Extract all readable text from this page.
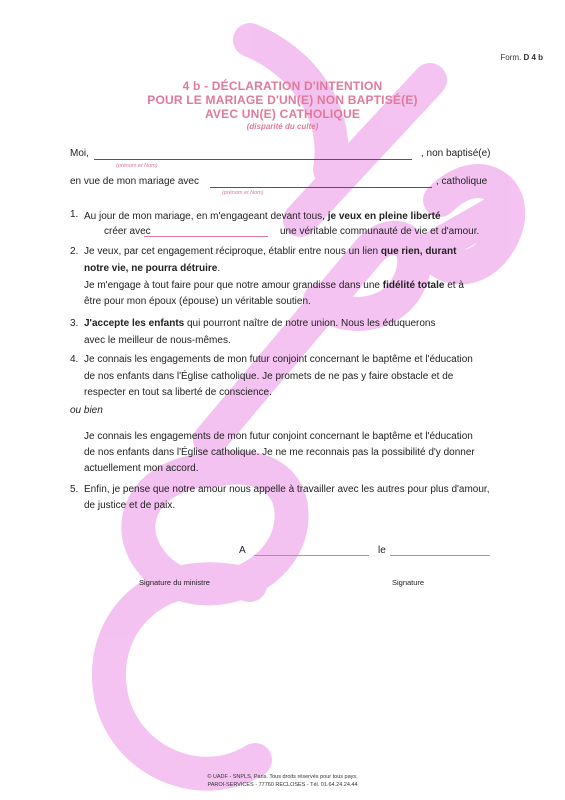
Form. D 4 b
4 b - DÉCLARATION D'INTENTION
POUR LE MARIAGE D'UN(E) NON BAPTISÉ(E)
AVEC UN(E) CATHOLIQUE
(disparité du culte)
Moi,
(prénom et Nom)
, non baptisé(e)
en vue de mon mariage avec
(prénom et Nom)
, catholique
1. Au jour de mon mariage, en m'engageant devant tous, je veux en pleine liberté
créer avec	une véritable communauté de vie et d'amour.
2. Je veux, par cet engagement réciproque, établir entre nous un lien que rien, durant
notre vie, ne pourra détruire.
Je m'engage à tout faire pour que notre amour grandisse dans une fidélité totale et à
être pour mon époux (épouse) un véritable soutien.
3. J'accepte les enfants qui pourront naître de notre union. Nous les éduquerons
avec le meilleur de nous-mêmes.
4. Je connais les engagements de mon futur conjoint concernant le baptême et l'éducation
de nos enfants dans l'Église catholique. Je promets de ne pas y faire obstacle et de
respecter en tout sa liberté de conscience.
ou bien
Je connais les engagements de mon futur conjoint concernant le baptême et l'éducation
de nos enfants dans l'Église catholique. Je ne me reconnais pas la possibilité d'y donner
actuellement mon accord.
5. Enfin, je pense que notre amour nous appelle à travailler avec les autres pour plus d'amour,
de justice et de paix.
A	le
Signature du ministre	Signature
© UADF - SNPLS, Paris. Tous droits réservés pour tous pays.
PAROI-SERVICES - 77760 RECLOSES - Tél. 01.64.24.24.44
